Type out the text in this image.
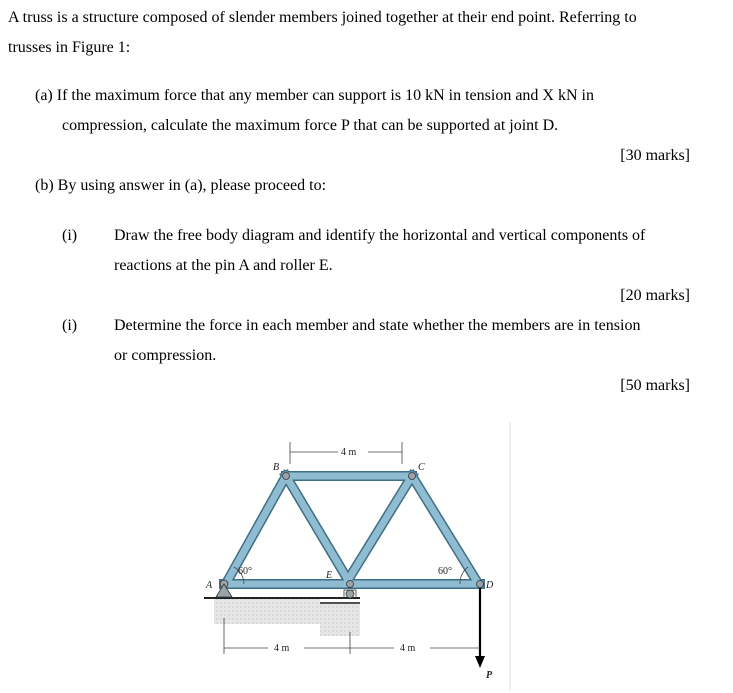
A truss is a structure composed of slender members joined together at their end point. Referring to
trusses in Figure 1:
(a) If the maximum force that any member can support is 10 kN in tension and X kN in
compression, calculate the maximum force P that can be supported at joint D.
[30 marks]
(b) By using answer in (a), please proceed to:
(i) Draw the free body diagram and identify the horizontal and vertical components of
reactions at the pin A and roller E.
[20 marks]
(i) Determine the force in each member and state whether the members are in tension
or compression.
[50 marks]
4 m
4 m	4 m
60°	60°
A
B	C
D
E
P
